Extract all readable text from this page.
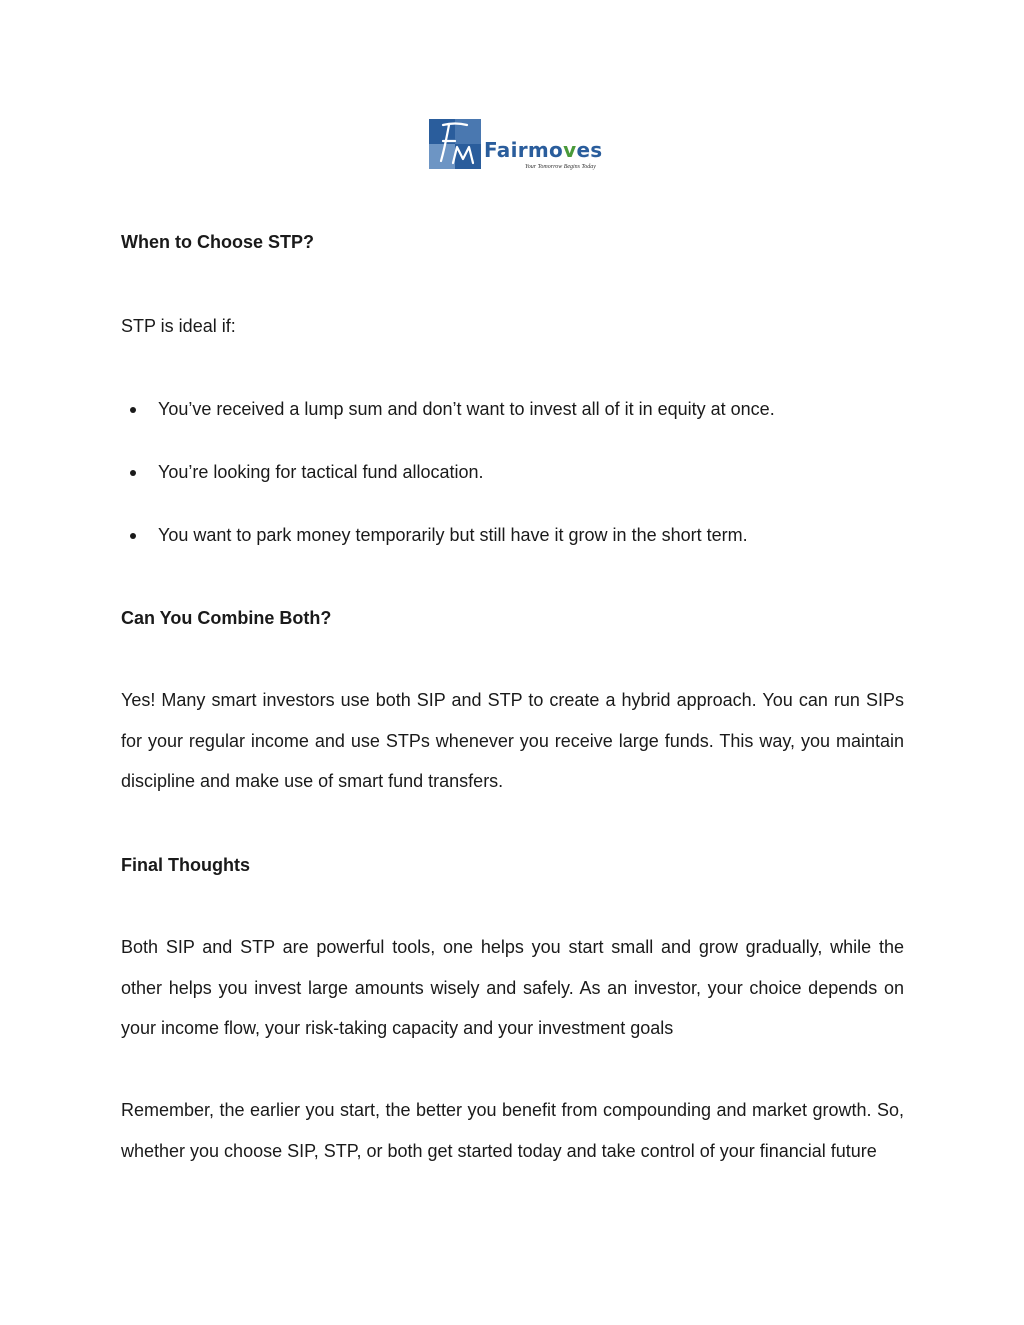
Fairmoves
Your Tomorrow Begins Today
When to Choose STP?
STP is ideal if:
You’ve received a lump sum and don’t want to invest all of it in equity at once.
You’re looking for tactical fund allocation.
You want to park money temporarily but still have it grow in the short term.
Can You Combine Both?
Yes! Many smart investors use both SIP and STP to create a hybrid approach. You can run SIPs for your regular income and use STPs whenever you receive large funds. This way, you maintain discipline and make use of smart fund transfers.
Final Thoughts
Both SIP and STP are powerful tools, one helps you start small and grow gradually, while the other helps you invest large amounts wisely and safely. As an investor, your choice depends on your income flow, your risk-taking capacity and your investment goals
Remember, the earlier you start, the better you benefit from compounding and market growth. So, whether you choose SIP, STP, or both get started today and take control of your financial future
